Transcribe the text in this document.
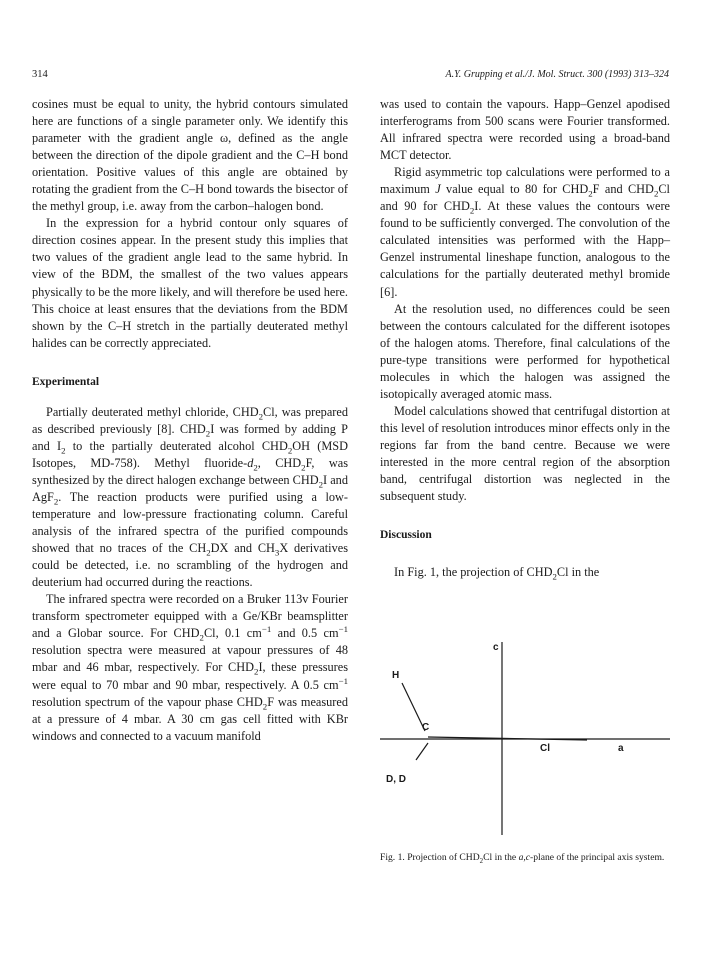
314	A.Y. Grupping et al./J. Mol. Struct. 300 (1993) 313–324

cosines must be equal to unity, the hybrid contours simulated here are functions of a single parameter only. We identify this parameter with the gradient angle ω, defined as the angle between the direction of the dipole gradient and the C–H bond orientation. Positive values of this angle are obtained by rotating the gradient from the C–H bond towards the bisector of the methyl group, i.e. away from the carbon–halogen bond.

In the expression for a hybrid contour only squares of direction cosines appear. In the present study this implies that two values of the gradient angle lead to the same hybrid. In view of the BDM, the smallest of the two values appears physically to be the more likely, and will therefore be used here. This choice at least ensures that the deviations from the BDM shown by the C–H stretch in the partially deuterated methyl halides can be correctly appreciated.

Experimental

Partially deuterated methyl chloride, $CHD_2Cl$, was prepared as described previously [8]. $CHD_2I$ was formed by adding P and $I_2$ to the partially deuterated alcohol $CHD_2OH$ (MSD Isotopes, MD-758). Methyl fluoride-$d_2$, $CHD_2F$, was synthesized by the direct halogen exchange between $CHD_2I$ and AgF$_2$. The reaction products were purified using a low-temperature and low-pressure fractionating column. Careful analysis of the infrared spectra of the purified compounds showed that no traces of the $CH_2DX$ and $CH_3X$ derivatives could be detected, i.e. no scrambling of the hydrogen and deuterium had occurred during the reactions.

The infrared spectra were recorded on a Bruker 113v Fourier transform spectrometer equipped with a Ge/KBr beamsplitter and a Globar source. For $CHD_2Cl$, 0.1 $cm^{-1}$ and 0.5 $cm^{-1}$ resolution spectra were measured at vapour pressures of 48 mbar and 46 mbar, respectively. For $CHD_2I$, these pressures were equal to 70 mbar and 90 mbar, respectively. A 0.5 $cm^{-1}$ resolution spectrum of the vapour phase $CHD_2F$ was measured at a pressure of 4 mbar. A 30 cm gas cell fitted with KBr windows and connected to a vacuum manifold

was used to contain the vapours. Happ–Genzel apodised interferograms from 500 scans were Fourier transformed. All infrared spectra were recorded using a broad-band MCT detector.

Rigid asymmetric top calculations were performed to a maximum J value equal to 80 for $CHD_2F$ and $CHD_2Cl$ and 90 for $CHD_2I$. At these values the contours were found to be sufficiently converged. The convolution of the calculated intensities was performed with the Happ–Genzel instrumental lineshape function, analogous to the calculations for the partially deuterated methyl bromide [6].

At the resolution used, no differences could be seen between the contours calculated for the different isotopes of the halogen atoms. Therefore, final calculations of the pure-type transitions were performed for hypothetical molecules in which the halogen was assigned the isotopically averaged atomic mass.

Model calculations showed that centrifugal distortion at this level of resolution introduces minor effects only in the regions far from the band centre. Because we were interested in the more central region of the absorption band, centrifugal distortion was neglected in the subsequent study.

Discussion

In Fig. 1, the projection of $CHD_2Cl$ in the

c
a
H
C
Cl
D, D
Fig. 1. Projection of $CHD_2Cl$ in the a,c-plane of the principal axis system.
